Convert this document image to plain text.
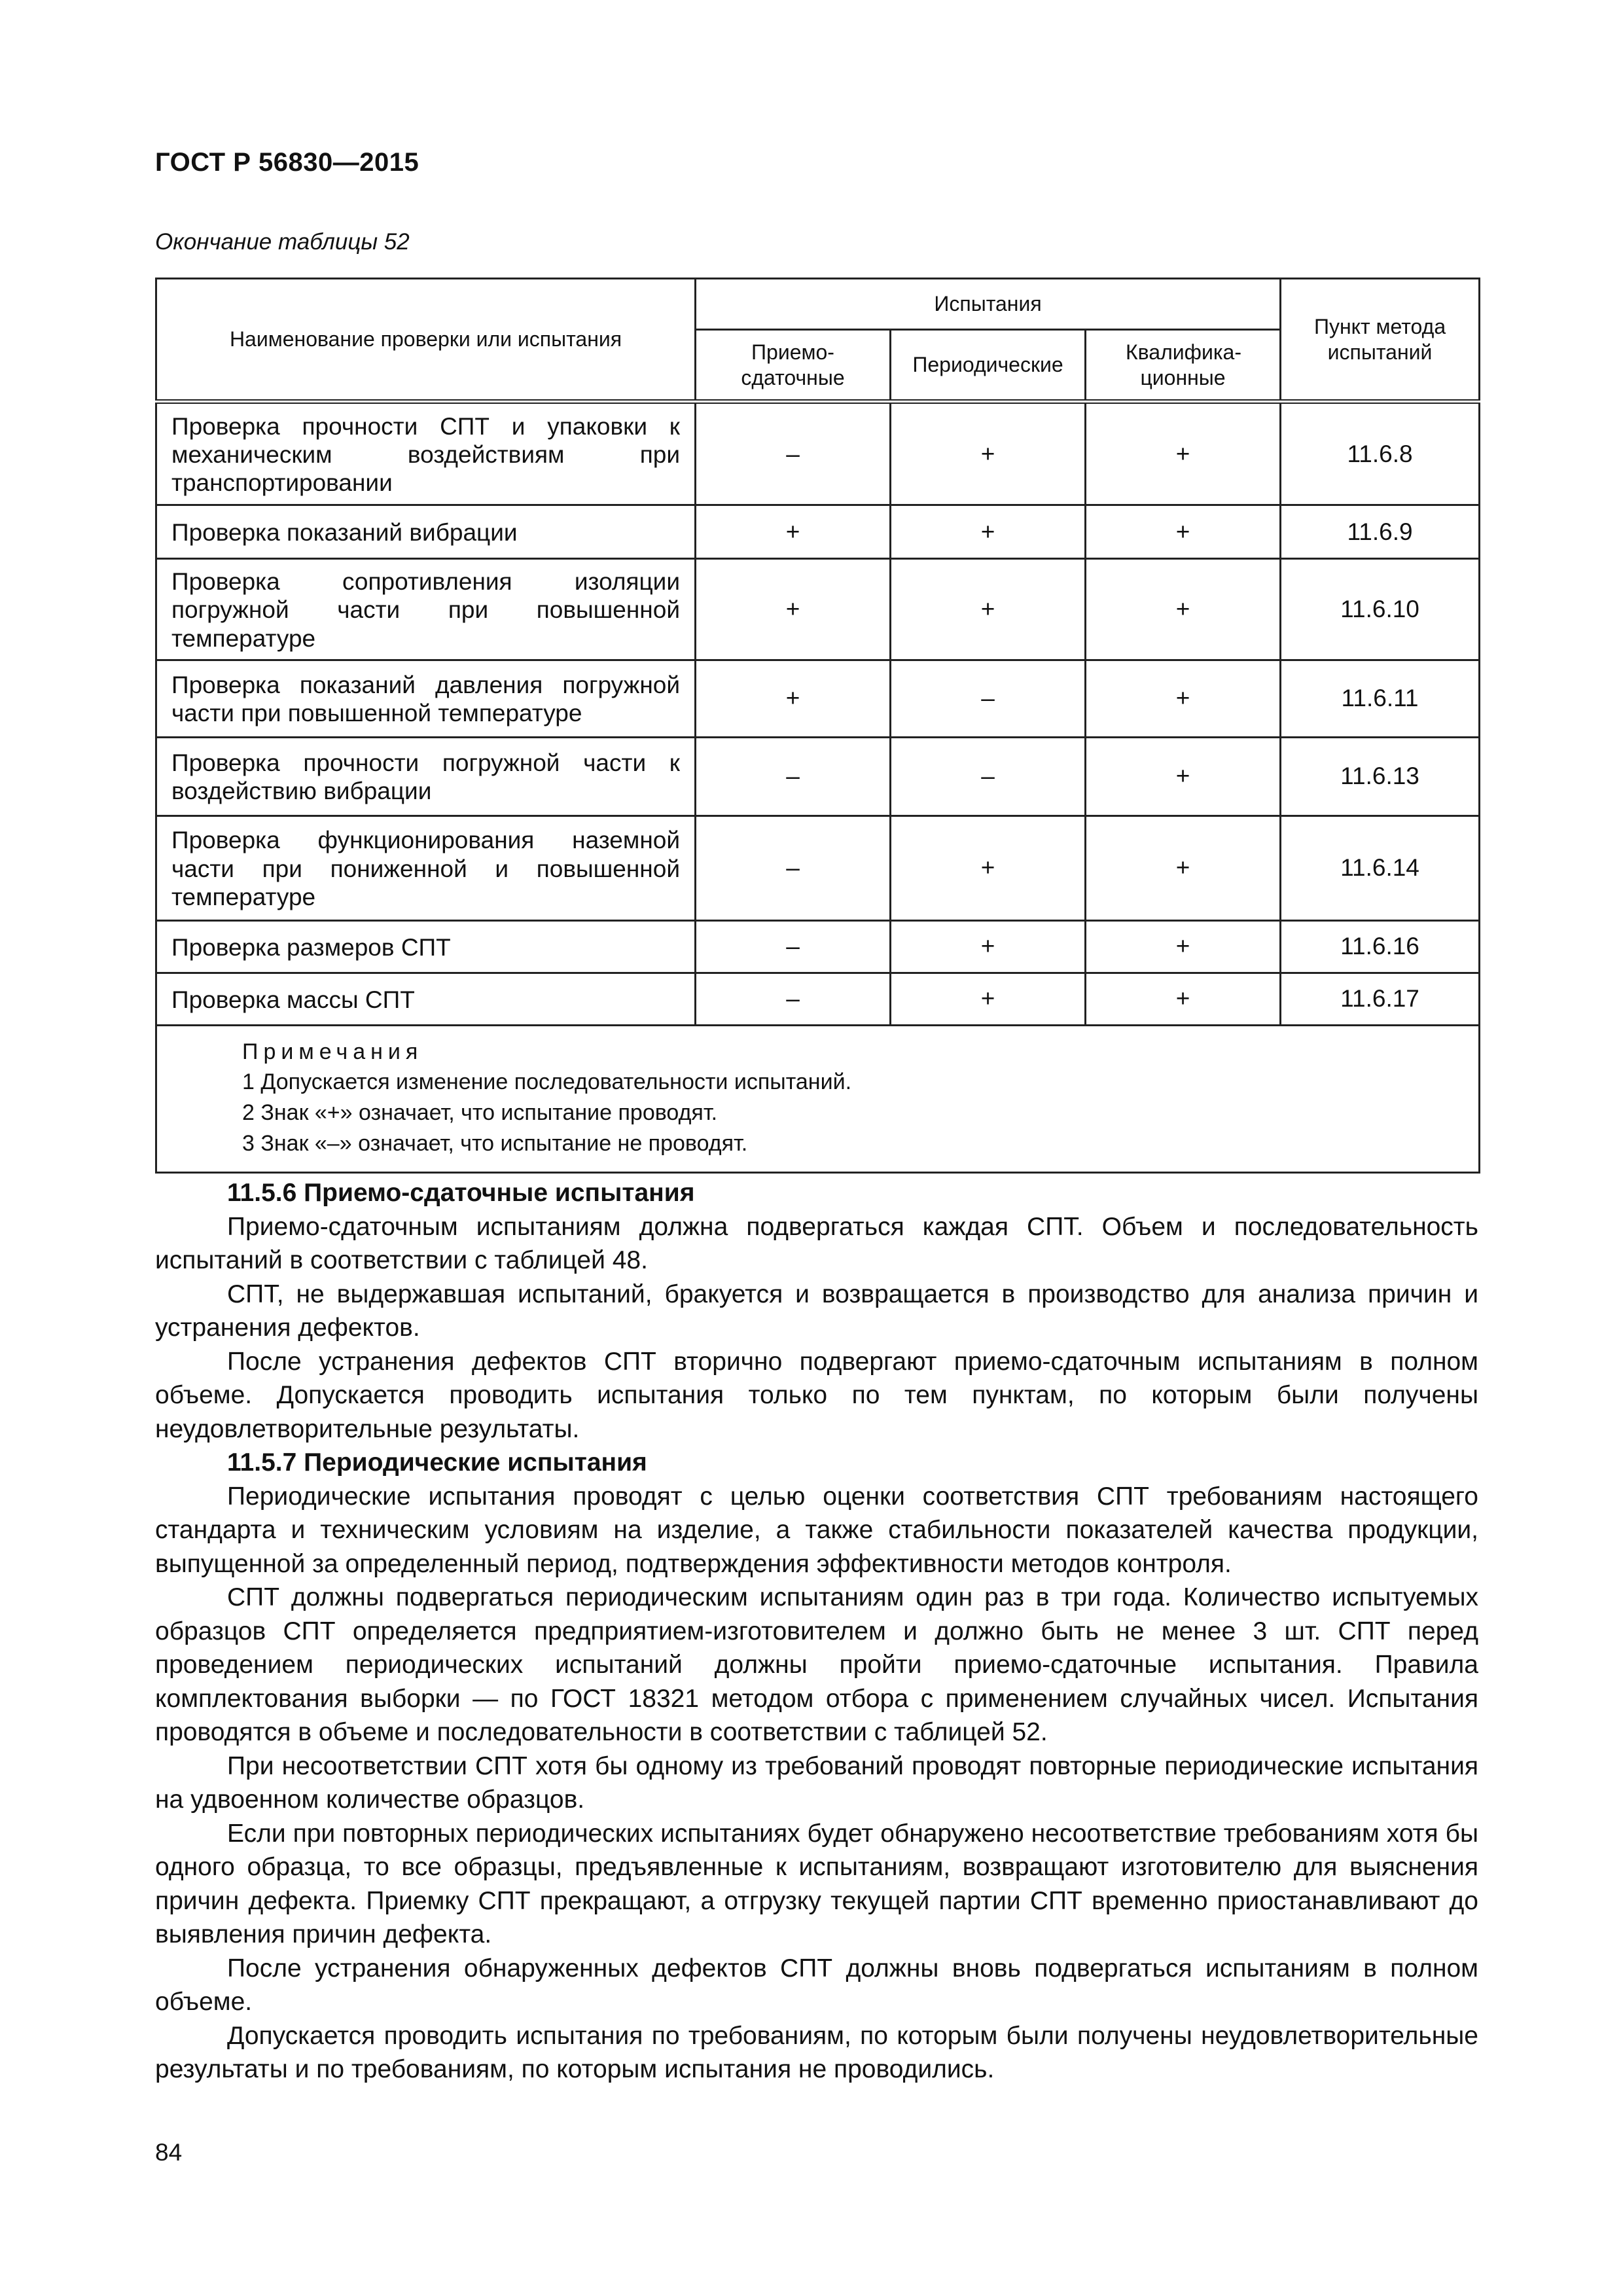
ГОСТ Р 56830—2015
Окончание таблицы 52
Наименование проверки или испытания	Испытания			Пункт метода испытаний
	Приемо-сдаточные	Периодические	Квалифика-ционные	
Проверка прочности СПТ и упаковки к механическим воздействиям при транспортировании	–	+	+	11.6.8
Проверка показаний вибрации	+	+	+	11.6.9
Проверка сопротивления изоляции погружной части при повышенной температуре	+	+	+	11.6.10
Проверка показаний давления погружной части при повышенной температуре	+	–	+	11.6.11
Проверка прочности погружной части к воздействию вибрации	–	–	+	11.6.13
Проверка функционирования наземной части при пониженной и повышенной температуре	–	+	+	11.6.14
Проверка размеров СПТ	–	+	+	11.6.16
Проверка массы СПТ	–	+	+	11.6.17

Примечания
1 Допускается изменение последовательности испытаний.
2 Знак «+» означает, что испытание проводят.
3 Знак «–» означает, что испытание не проводят.				
11.5.6 Приемо-сдаточные испытания

Приемо-сдаточным испытаниям должна подвергаться каждая СПТ. Объем и последовательность испытаний в соответствии с таблицей 48.

СПТ, не выдержавшая испытаний, бракуется и возвращается в производство для анализа причин и устранения дефектов.

После устранения дефектов СПТ вторично подвергают приемо-сдаточным испытаниям в полном объеме. Допускается проводить испытания только по тем пунктам, по которым были получены неудовлетворительные результаты.

11.5.7 Периодические испытания

Периодические испытания проводят с целью оценки соответствия СПТ требованиям настоящего стандарта и техническим условиям на изделие, а также стабильности показателей качества продукции, выпущенной за определенный период, подтверждения эффективности методов контроля.

СПТ должны подвергаться периодическим испытаниям один раз в три года. Количество испытуемых образцов СПТ определяется предприятием-изготовителем и должно быть не менее 3 шт. СПТ перед проведением периодических испытаний должны пройти приемо-сдаточные испытания. Правила комплектования выборки — по ГОСТ 18321 методом отбора с применением случайных чисел. Испытания проводятся в объеме и последовательности в соответствии с таблицей 52.

При несоответствии СПТ хотя бы одному из требований проводят повторные периодические испытания на удвоенном количестве образцов.

Если при повторных периодических испытаниях будет обнаружено несоответствие требованиям хотя бы одного образца, то все образцы, предъявленные к испытаниям, возвращают изготовителю для выяснения причин дефекта. Приемку СПТ прекращают, а отгрузку текущей партии СПТ временно приостанавливают до выявления причин дефекта.

После устранения обнаруженных дефектов СПТ должны вновь подвергаться испытаниям в полном объеме.

Допускается проводить испытания по требованиям, по которым были получены неудовлетворительные результаты и по требованиям, по которым испытания не проводились.

84
